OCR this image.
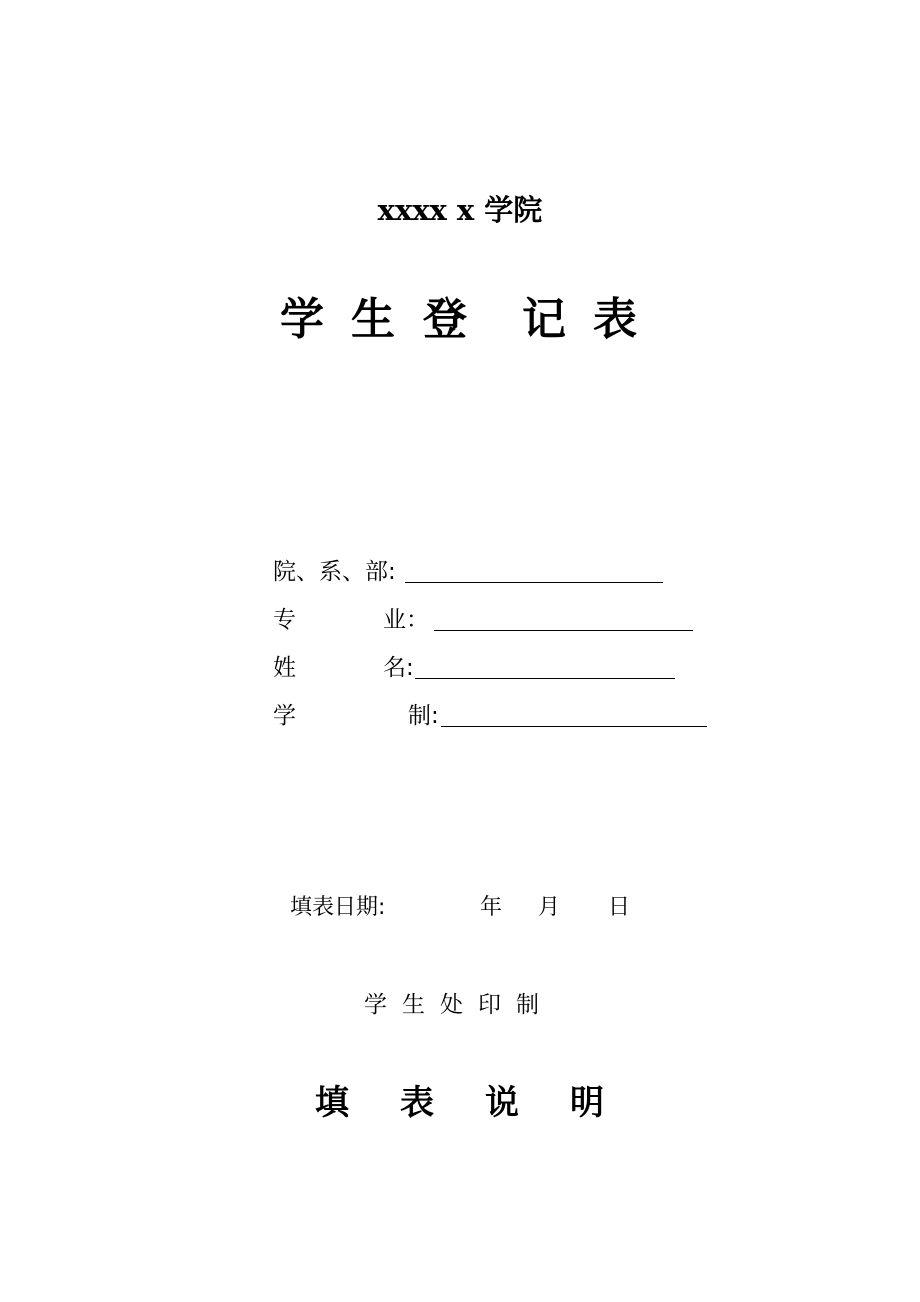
xxxx x 学院
学 生 登 记 表
院、系、部:
专	业：
姓	名:
学	制:
填表日期:	年 月 日
学 生 处 印 制
填 表 说 明
